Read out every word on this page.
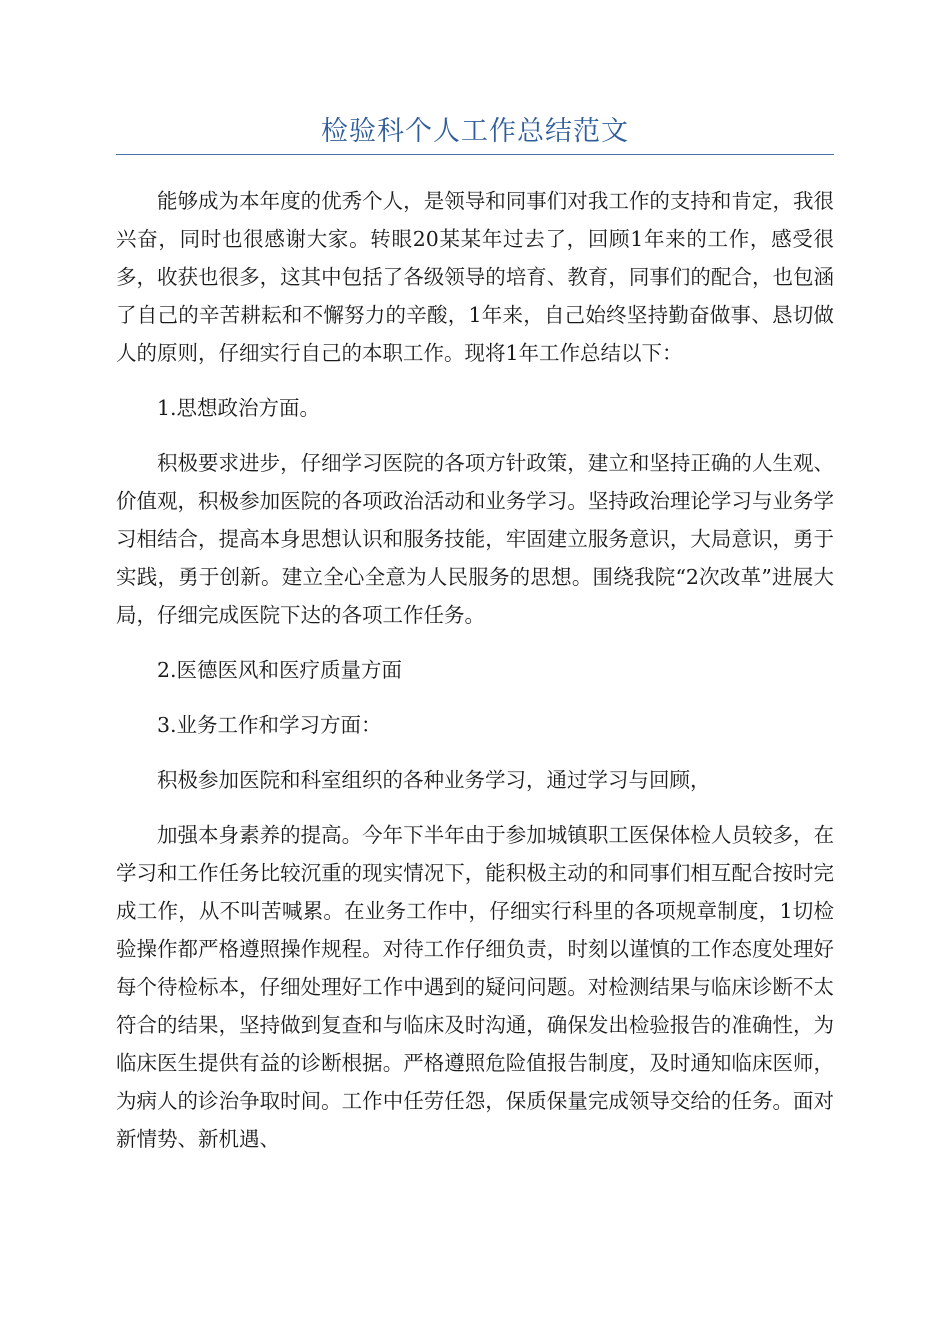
检验科个人工作总结范文

能够成为本年度的优秀个人，是领导和同事们对我工作的支持和肯定，我很兴奋，同时也很感谢大家。转眼20某某年过去了，回顾1年来的工作，感受很多，收获也很多，这其中包括了各级领导的培育、教育，同事们的配合，也包涵了自己的辛苦耕耘和不懈努力的辛酸，1年来，自己始终坚持勤奋做事、恳切做人的原则，仔细实行自己的本职工作。现将1年工作总结以下：

1.思想政治方面。

积极要求进步，仔细学习医院的各项方针政策，建立和坚持正确的人生观、价值观，积极参加医院的各项政治活动和业务学习。坚持政治理论学习与业务学习相结合，提高本身思想认识和服务技能，牢固建立服务意识，大局意识，勇于实践，勇于创新。建立全心全意为人民服务的思想。围绕我院“2次改革”进展大局，仔细完成医院下达的各项工作任务。

2.医德医风和医疗质量方面

3.业务工作和学习方面：

积极参加医院和科室组织的各种业务学习，通过学习与回顾，

加强本身素养的提高。今年下半年由于参加城镇职工医保体检人员较多，在学习和工作任务比较沉重的现实情况下，能积极主动的和同事们相互配合按时完成工作，从不叫苦喊累。在业务工作中，仔细实行科里的各项规章制度，1切检验操作都严格遵照操作规程。对待工作仔细负责，时刻以谨慎的工作态度处理好每个待检标本，仔细处理好工作中遇到的疑问问题。对检测结果与临床诊断不太符合的结果，坚持做到复查和与临床及时沟通，确保发出检验报告的准确性，为临床医生提供有益的诊断根据。严格遵照危险值报告制度，及时通知临床医师，为病人的诊治争取时间。工作中任劳任怨，保质保量完成领导交给的任务。面对新情势、新机遇、
